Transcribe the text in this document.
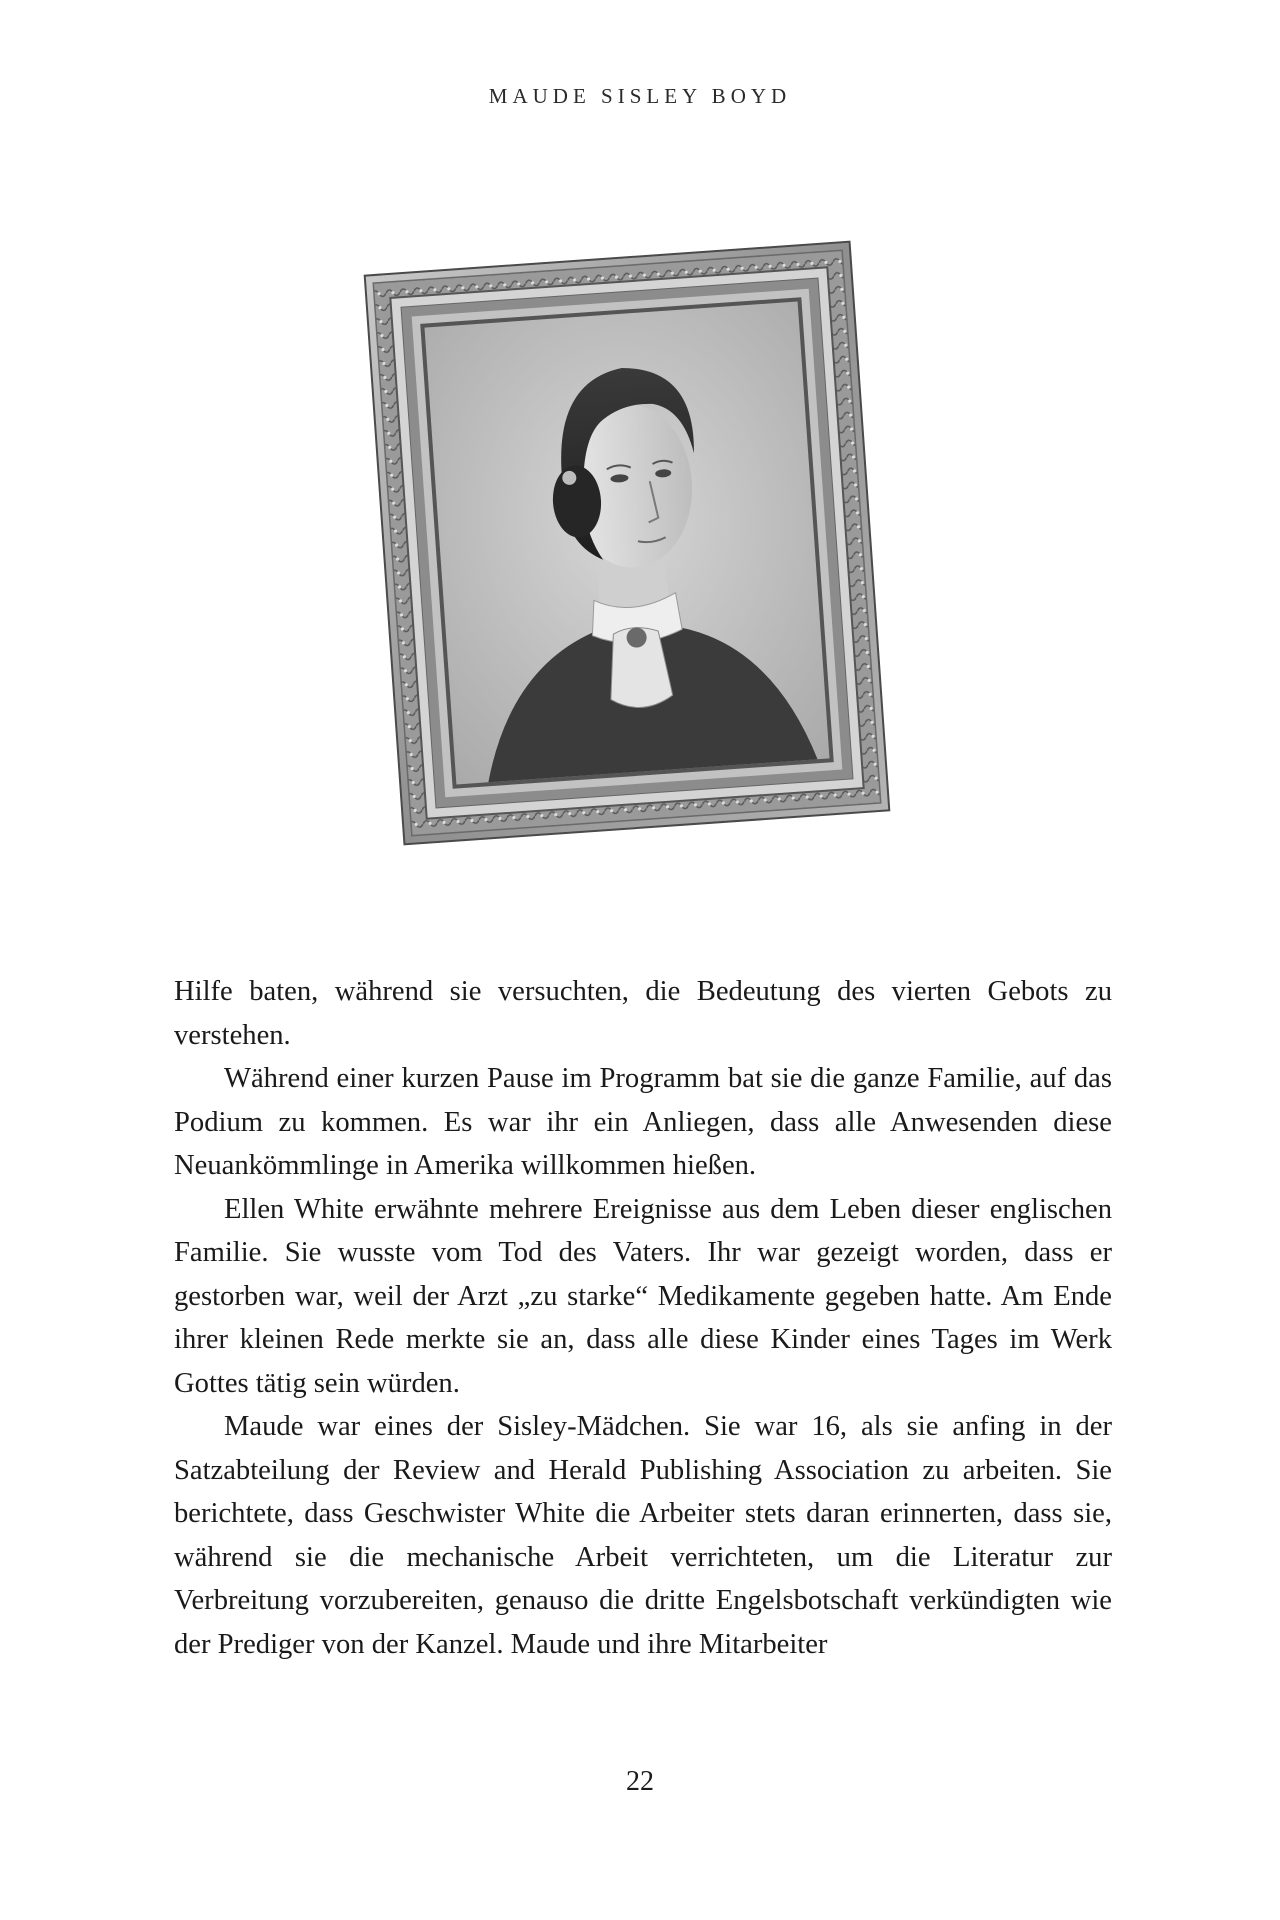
MAUDE SISLEY BOYD

Hilfe baten, während sie versuchten, die Bedeutung des vierten Gebots zu verstehen.

Während einer kurzen Pause im Programm bat sie die ganze Familie, auf das Podium zu kommen. Es war ihr ein Anliegen, dass alle Anwesenden diese Neuankömmlinge in Amerika willkommen hießen.

Ellen White erwähnte mehrere Ereignisse aus dem Leben dieser englischen Familie. Sie wusste vom Tod des Vaters. Ihr war gezeigt worden, dass er gestorben war, weil der Arzt „zu starke“ Medikamente gegeben hatte. Am Ende ihrer kleinen Rede merkte sie an, dass alle diese Kinder eines Tages im Werk Gottes tätig sein würden.

Maude war eines der Sisley-Mädchen. Sie war 16, als sie anfing in der Satzabteilung der Review and Herald Publishing Association zu arbeiten. Sie berichtete, dass Geschwister White die Arbeiter stets daran erinnerten, dass sie, während sie die mechanische Arbeit verrichteten, um die Literatur zur Verbreitung vorzubereiten, genauso die dritte Engelsbotschaft verkündigten wie der Prediger von der Kanzel. Maude und ihre Mitarbeiter

22
